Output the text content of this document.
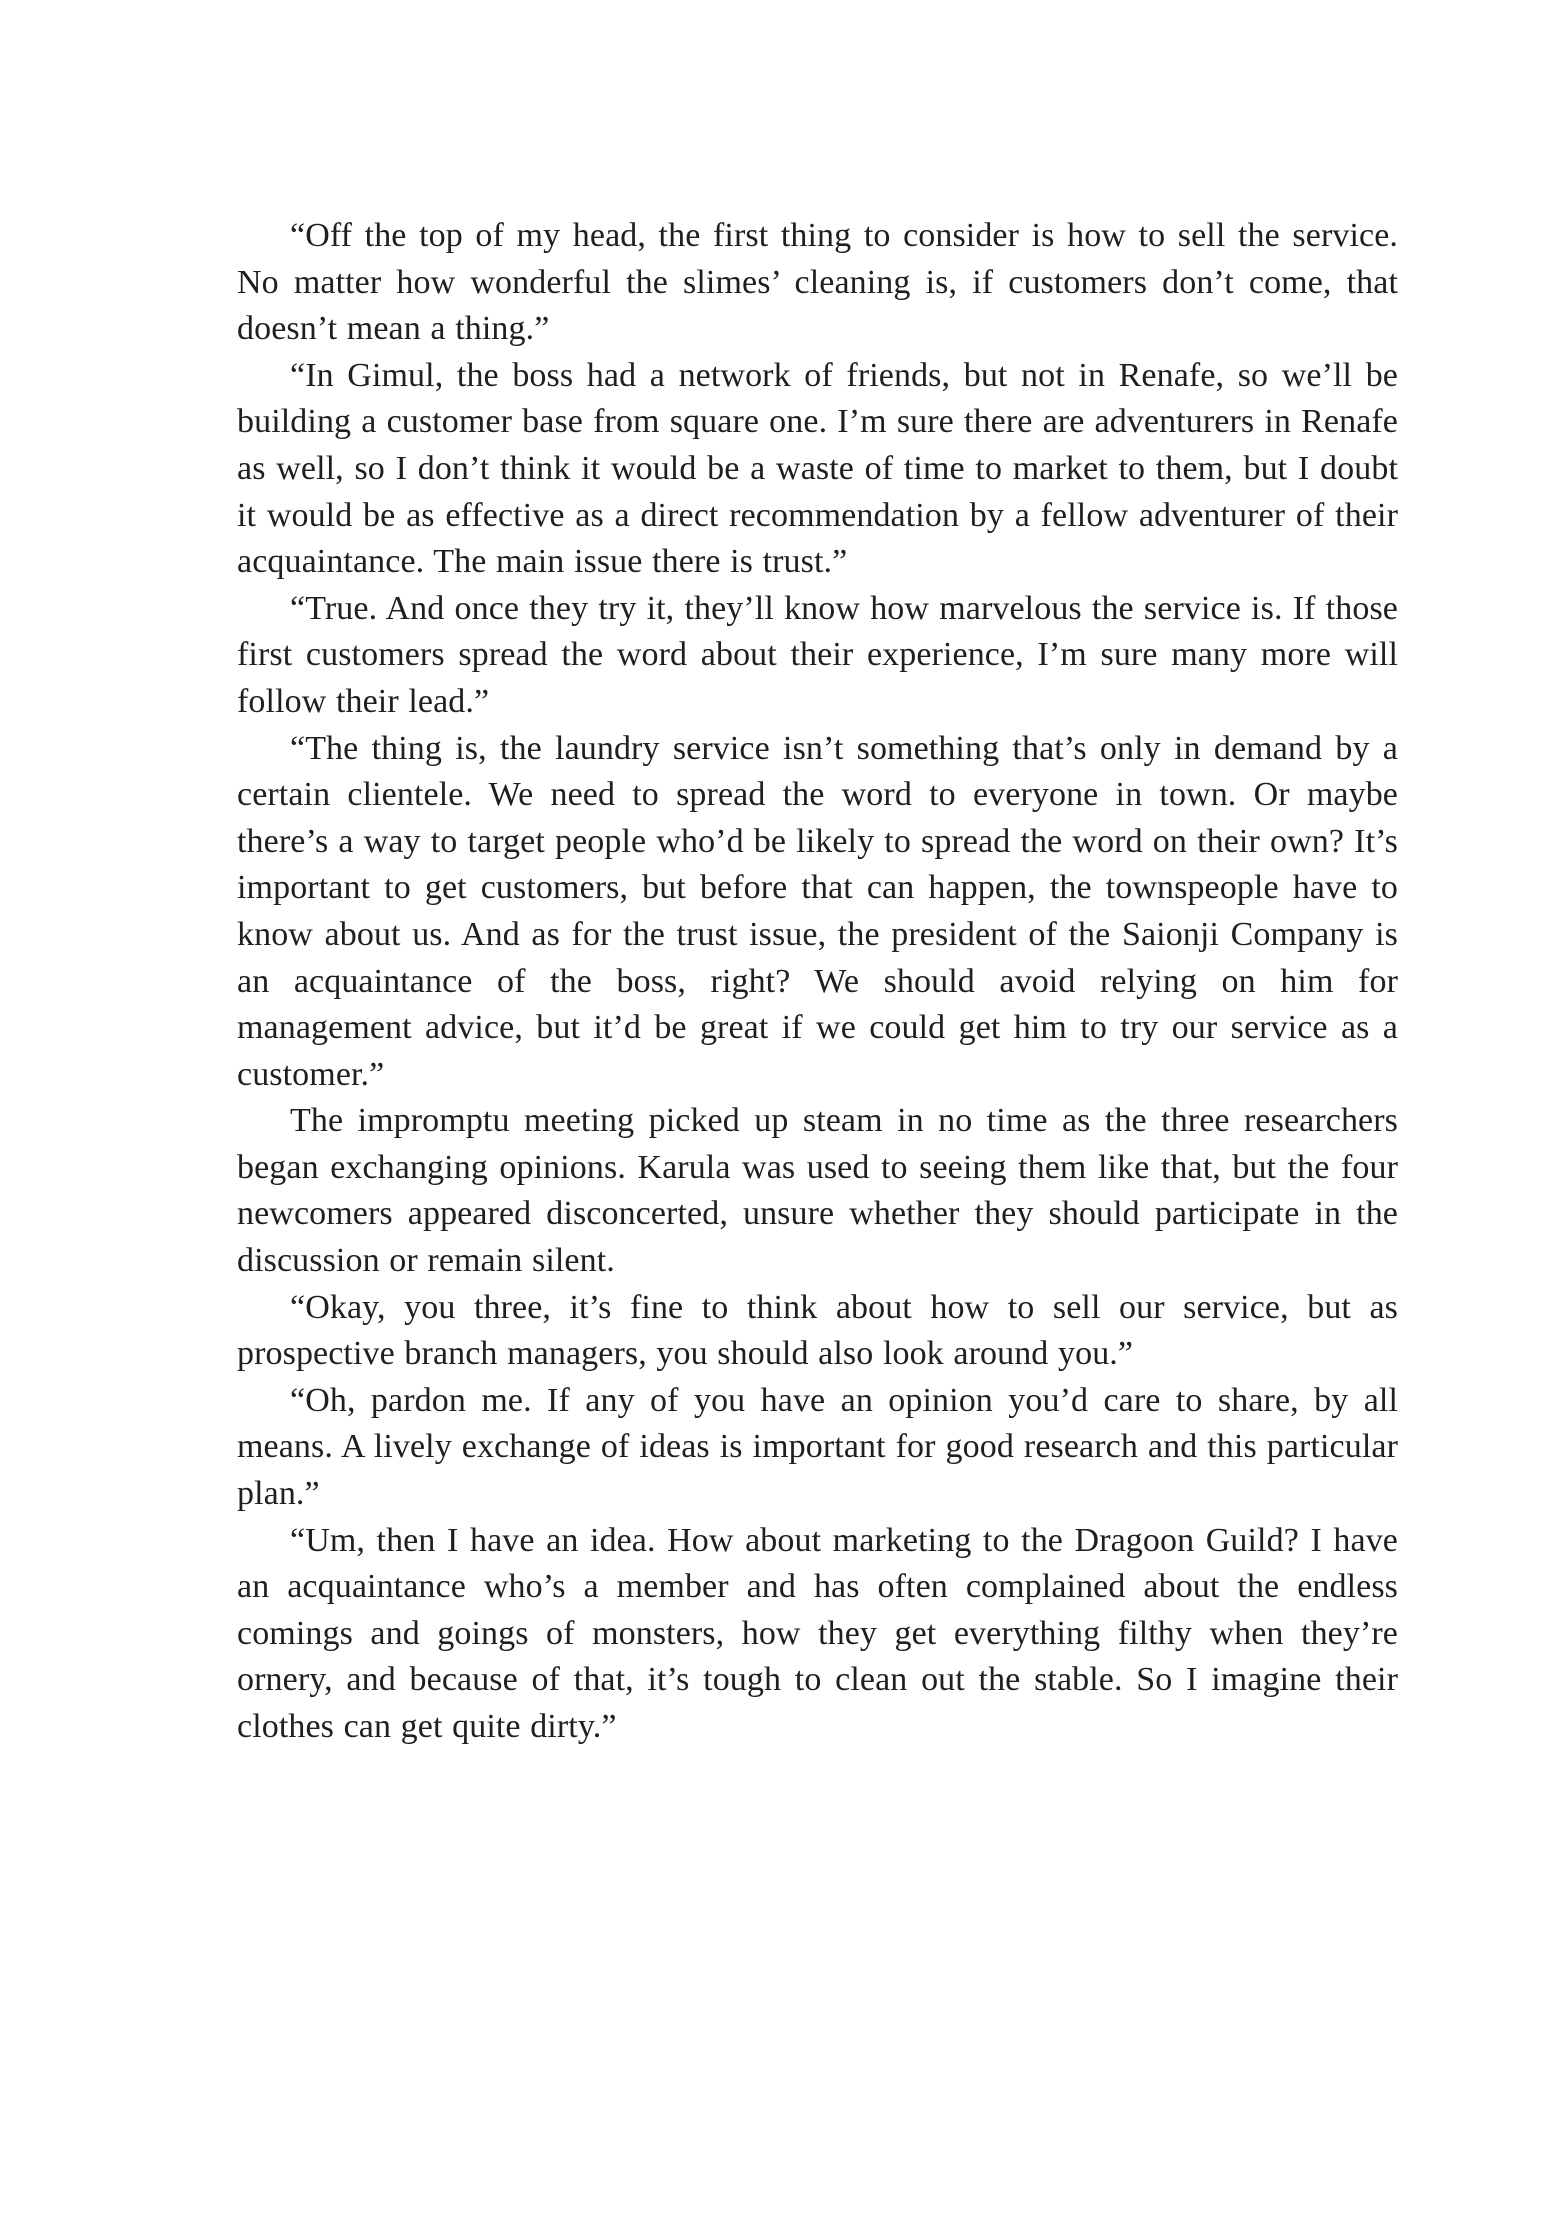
“Off the top of my head, the first thing to consider is how to sell the service. No matter how wonderful the slimes’ cleaning is, if customers don’t come, that doesn’t mean a thing.”

“In Gimul, the boss had a network of friends, but not in Renafe, so we’ll be building a customer base from square one. I’m sure there are adventurers in Renafe as well, so I don’t think it would be a waste of time to market to them, but I doubt it would be as effective as a direct recommendation by a fellow adventurer of their acquaintance. The main issue there is trust.”

“True. And once they try it, they’ll know how marvelous the service is. If those first customers spread the word about their experience, I’m sure many more will follow their lead.”

“The thing is, the laundry service isn’t something that’s only in demand by a certain clientele. We need to spread the word to everyone in town. Or maybe there’s a way to target people who’d be likely to spread the word on their own? It’s important to get customers, but before that can happen, the townspeople have to know about us. And as for the trust issue, the president of the Saionji Company is an acquaintance of the boss, right? We should avoid relying on him for management advice, but it’d be great if we could get him to try our service as a customer.”

The impromptu meeting picked up steam in no time as the three researchers began exchanging opinions. Karula was used to seeing them like that, but the four newcomers appeared disconcerted, unsure whether they should participate in the discussion or remain silent.

“Okay, you three, it’s fine to think about how to sell our service, but as prospective branch managers, you should also look around you.”

“Oh, pardon me. If any of you have an opinion you’d care to share, by all means. A lively exchange of ideas is important for good research and this particular plan.”

“Um, then I have an idea. How about marketing to the Dragoon Guild? I have an acquaintance who’s a member and has often complained about the endless comings and goings of monsters, how they get everything filthy when they’re ornery, and because of that, it’s tough to clean out the stable. So I imagine their clothes can get quite dirty.”
